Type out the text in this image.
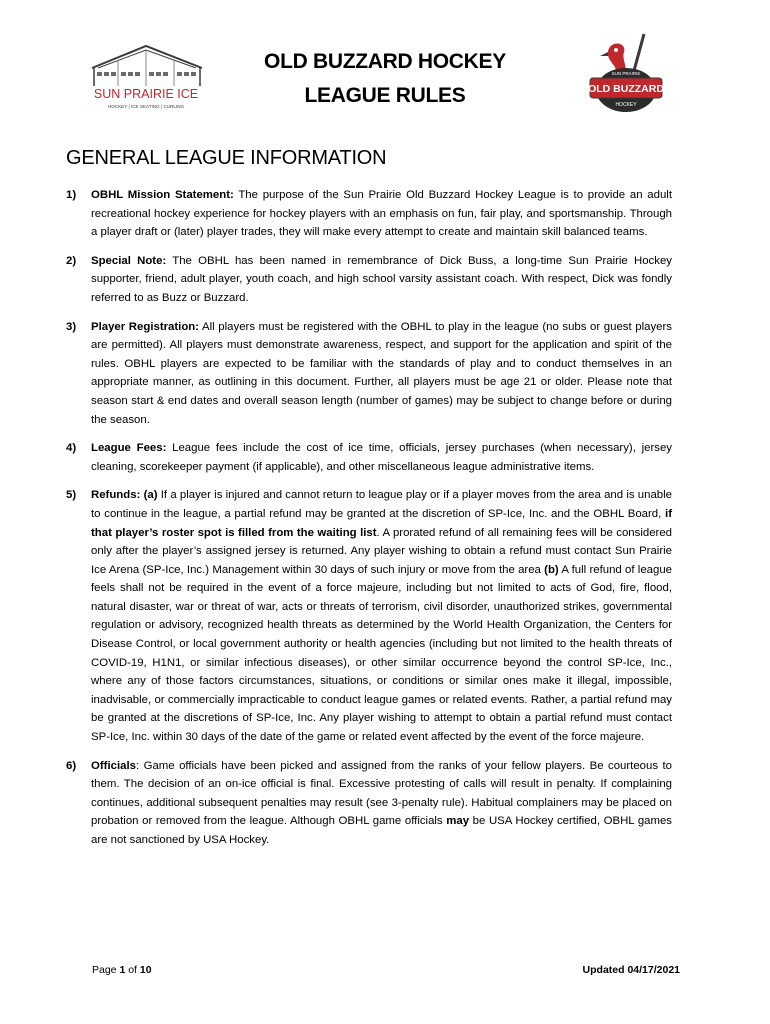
SUN PRAIRIE ICE
HOCKEY | ICE SKATING | CURLING
OLD BUZZARD HOCKEY
LEAGUE RULES
SUN PRAIRIE
OLD BUZZARD
HOCKEY
GENERAL LEAGUE INFORMATION
1) OBHL Mission Statement: The purpose of the Sun Prairie Old Buzzard Hockey League is to provide an adult recreational hockey experience for hockey players with an emphasis on fun, fair play, and sportsmanship. Through a player draft or (later) player trades, they will make every attempt to create and maintain skill balanced teams.
2) Special Note: The OBHL has been named in remembrance of Dick Buss, a long-time Sun Prairie Hockey supporter, friend, adult player, youth coach, and high school varsity assistant coach. With respect, Dick was fondly referred to as Buzz or Buzzard.
3) Player Registration: All players must be registered with the OBHL to play in the league (no subs or guest players are permitted). All players must demonstrate awareness, respect, and support for the application and spirit of the rules. OBHL players are expected to be familiar with the standards of play and to conduct themselves in an appropriate manner, as outlining in this document. Further, all players must be age 21 or older. Please note that season start & end dates and overall season length (number of games) may be subject to change before or during the season.
4) League Fees: League fees include the cost of ice time, officials, jersey purchases (when necessary), jersey cleaning, scorekeeper payment (if applicable), and other miscellaneous league administrative items.
5) Refunds: (a) If a player is injured and cannot return to league play or if a player moves from the area and is unable to continue in the league, a partial refund may be granted at the discretion of SP-Ice, Inc. and the OBHL Board, if that player’s roster spot is filled from the waiting list. A prorated refund of all remaining fees will be considered only after the player’s assigned jersey is returned. Any player wishing to obtain a refund must contact Sun Prairie Ice Arena (SP-Ice, Inc.) Management within 30 days of such injury or move from the area (b) A full refund of league feels shall not be required in the event of a force majeure, including but not limited to acts of God, fire, flood, natural disaster, war or threat of war, acts or threats of terrorism, civil disorder, unauthorized strikes, governmental regulation or advisory, recognized health threats as determined by the World Health Organization, the Centers for Disease Control, or local government authority or health agencies (including but not limited to the health threats of COVID-19, H1N1, or similar infectious diseases), or other similar occurrence beyond the control SP-Ice, Inc., where any of those factors circumstances, situations, or conditions or similar ones make it illegal, impossible, inadvisable, or commercially impracticable to conduct league games or related events. Rather, a partial refund may be granted at the discretions of SP-Ice, Inc. Any player wishing to attempt to obtain a partial refund must contact SP-Ice, Inc. within 30 days of the date of the game or related event affected by the event of the force majeure.
6) Officials: Game officials have been picked and assigned from the ranks of your fellow players. Be courteous to them. The decision of an on-ice official is final. Excessive protesting of calls will result in penalty. If complaining continues, additional subsequent penalties may result (see 3-penalty rule). Habitual complainers may be placed on probation or removed from the league. Although OBHL game officials may be USA Hockey certified, OBHL games are not sanctioned by USA Hockey.
Page 1 of 10	Updated 04/17/2021
